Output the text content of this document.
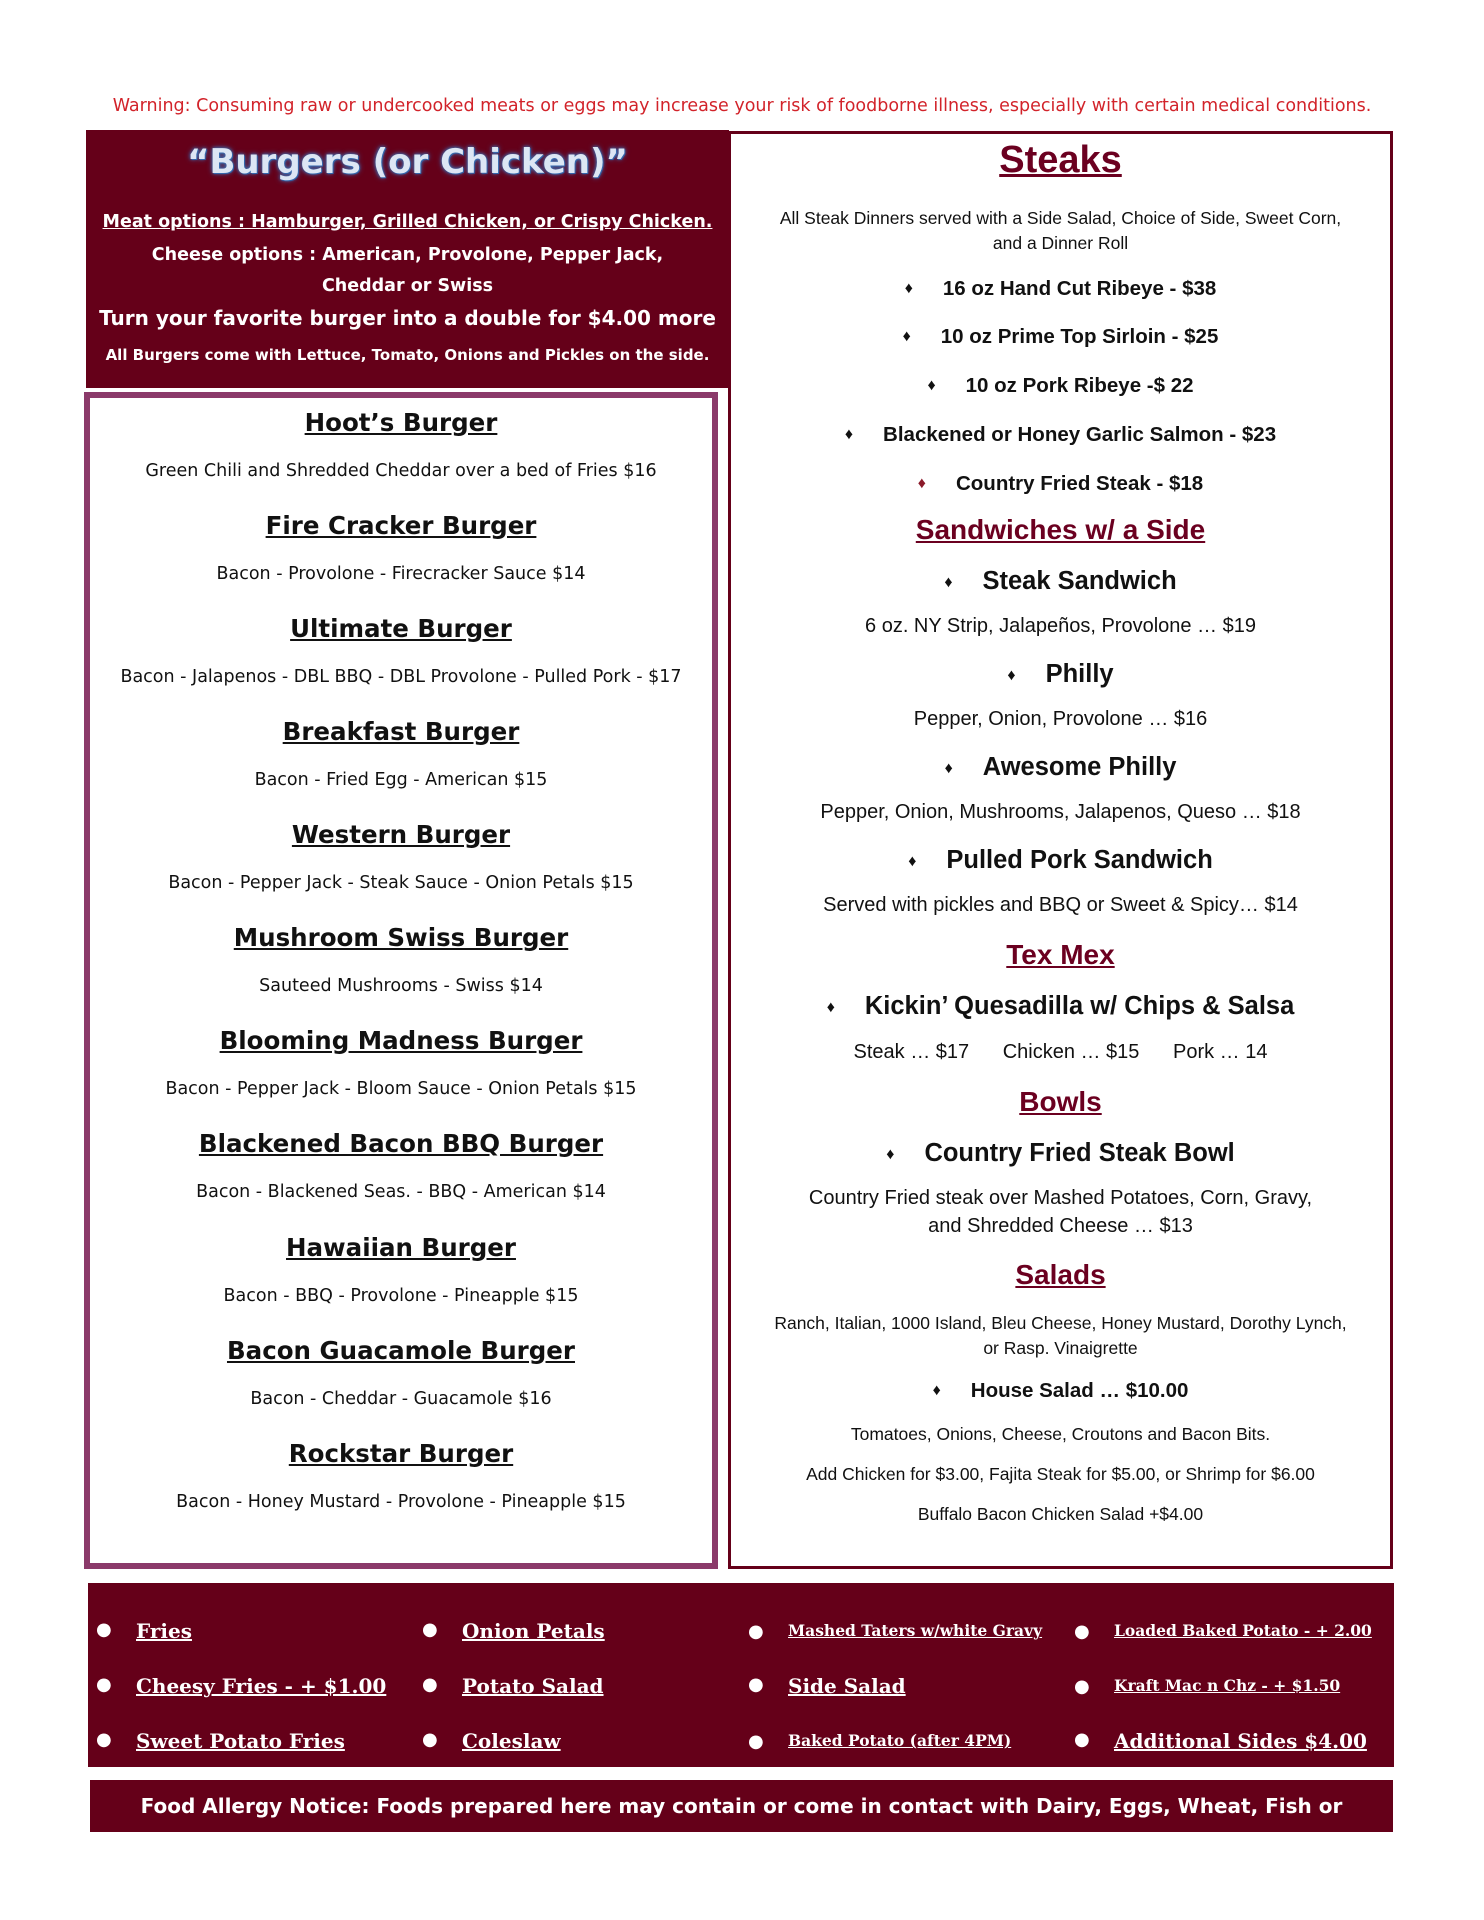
Warning: Consuming raw or undercooked meats or eggs may increase your risk of foodborne illness, especially with certain medical conditions.
“Burgers (or Chicken)”
Meat options : Hamburger, Grilled Chicken, or Crispy Chicken.
Cheese options : American, Provolone, Pepper Jack,
Cheddar or Swiss
Turn your favorite burger into a double for $4.00 more
All Burgers come with Lettuce, Tomato, Onions and Pickles on the side.
Hoot’s Burger
Green Chili and Shredded Cheddar over a bed of Fries $16
Fire Cracker Burger
Bacon - Provolone - Firecracker Sauce $14
Ultimate Burger
Bacon - Jalapenos - DBL BBQ - DBL Provolone - Pulled Pork - $17
Breakfast Burger
Bacon - Fried Egg - American $15
Western Burger
Bacon - Pepper Jack - Steak Sauce - Onion Petals $15
Mushroom Swiss Burger
Sauteed Mushrooms - Swiss $14
Blooming Madness Burger
Bacon - Pepper Jack - Bloom Sauce - Onion Petals $15
Blackened Bacon BBQ Burger
Bacon - Blackened Seas. - BBQ - American $14
Hawaiian Burger
Bacon - BBQ - Provolone - Pineapple $15
Bacon Guacamole Burger
Bacon - Cheddar - Guacamole $16
Rockstar Burger
Bacon - Honey Mustard - Provolone - Pineapple $15
Steaks
All Steak Dinners served with a Side Salad, Choice of Side, Sweet Corn,
and a Dinner Roll
♦ 16 oz Hand Cut Ribeye - $38
♦ 10 oz Prime Top Sirloin - $25
♦ 10 oz Pork Ribeye -$ 22
♦ Blackened or Honey Garlic Salmon - $23
♦ Country Fried Steak - $18
Sandwiches w/ a Side
♦ Steak Sandwich
6 oz. NY Strip, Jalapeños, Provolone … $19
♦ Philly
Pepper, Onion, Provolone … $16
♦ Awesome Philly
Pepper, Onion, Mushrooms, Jalapenos, Queso … $18
♦ Pulled Pork Sandwich
Served with pickles and BBQ or Sweet & Spicy… $14
Tex Mex
♦ Kickin’ Quesadilla w/ Chips & Salsa
Steak … $17 Chicken … $15 Pork … 14
Bowls
♦ Country Fried Steak Bowl
Country Fried steak over Mashed Potatoes, Corn, Gravy,
and Shredded Cheese … $13
Salads
Ranch, Italian, 1000 Island, Bleu Cheese, Honey Mustard, Dorothy Lynch,
or Rasp. Vinaigrette
♦ House Salad … $10.00
Tomatoes, Onions, Cheese, Croutons and Bacon Bits.
Add Chicken for $3.00, Fajita Steak for $5.00, or Shrimp for $6.00
Buffalo Bacon Chicken Salad +$4.00
● Fries
● Cheesy Fries - + $1.00
● Sweet Potato Fries
● Onion Petals
● Potato Salad
● Coleslaw
● Mashed Taters w/white Gravy
● Side Salad
● Baked Potato (after 4PM)
● Loaded Baked Potato - + 2.00
● Kraft Mac n Chz - + $1.50
● Additional Sides $4.00
Food Allergy Notice: Foods prepared here may contain or come in contact with Dairy, Eggs, Wheat, Fish or Shellfish
